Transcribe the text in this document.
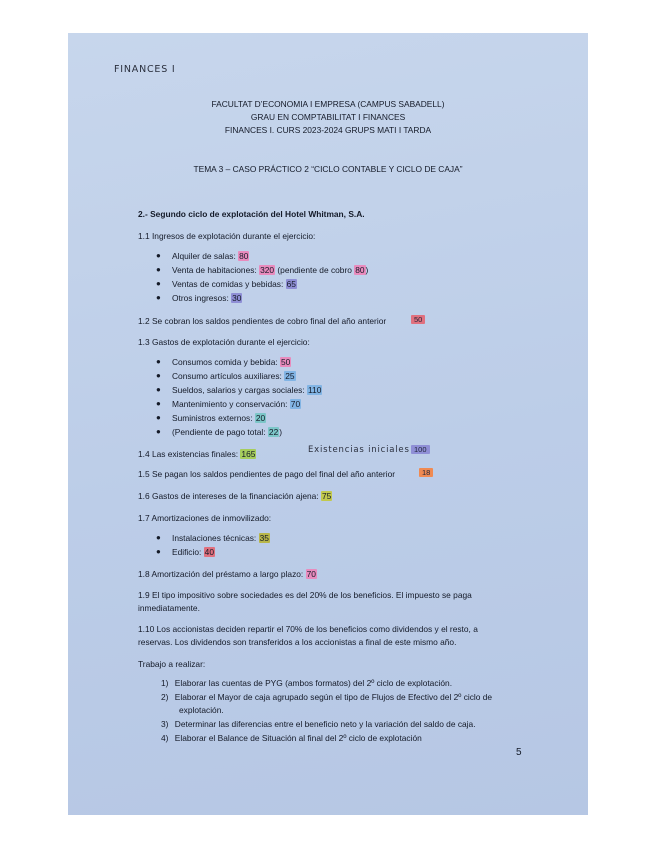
FINANCES I
FACULTAT D’ECONOMIA I EMPRESA (CAMPUS SABADELL)
GRAU EN COMPTABILITAT I FINANCES
FINANCES I. CURS 2023-2024 GRUPS MATI I TARDA
TEMA 3 – CASO PRÁCTICO 2 “CICLO CONTABLE Y CICLO DE CAJA”
2.- Segundo ciclo de explotación del Hotel Whitman, S.A.
1.1 Ingresos de explotación durante el ejercicio:
● Alquiler de salas: 80
● Venta de habitaciones: 320 (pendiente de cobro 80)
● Ventas de comidas y bebidas: 65
● Otros ingresos: 30
1.2 Se cobran los saldos pendientes de cobro final del año anterior	50
1.3 Gastos de explotación durante el ejercicio:
● Consumos comida y bebida: 50
● Consumo artículos auxiliares: 25
● Sueldos, salarios y cargas sociales: 110
● Mantenimiento y conservación: 70
● Suministros externos: 20
● (Pendiente de pago total: 22)
1.4 Las existencias finales: 165	Existencias iniciales 100
1.5 Se pagan los saldos pendientes de pago del final del año anterior	18
1.6 Gastos de intereses de la financiación ajena: 75
1.7 Amortizaciones de inmovilizado:
● Instalaciones técnicas: 35
● Edificio: 40
1.8 Amortización del préstamo a largo plazo: 70
1.9 El tipo impositivo sobre sociedades es del 20% de los beneficios. El impuesto se paga
inmediatamente.
1.10 Los accionistas deciden repartir el 70% de los beneficios como dividendos y el resto, a
reservas. Los dividendos son transferidos a los accionistas a final de este mismo año.
Trabajo a realizar:
1) Elaborar las cuentas de PYG (ambos formatos) del 2º ciclo de explotación.
2) Elaborar el Mayor de caja agrupado según el tipo de Flujos de Efectivo del 2º ciclo de
explotación.
3) Determinar las diferencias entre el beneficio neto y la variación del saldo de caja.
4) Elaborar el Balance de Situación al final del 2º ciclo de explotación
5
